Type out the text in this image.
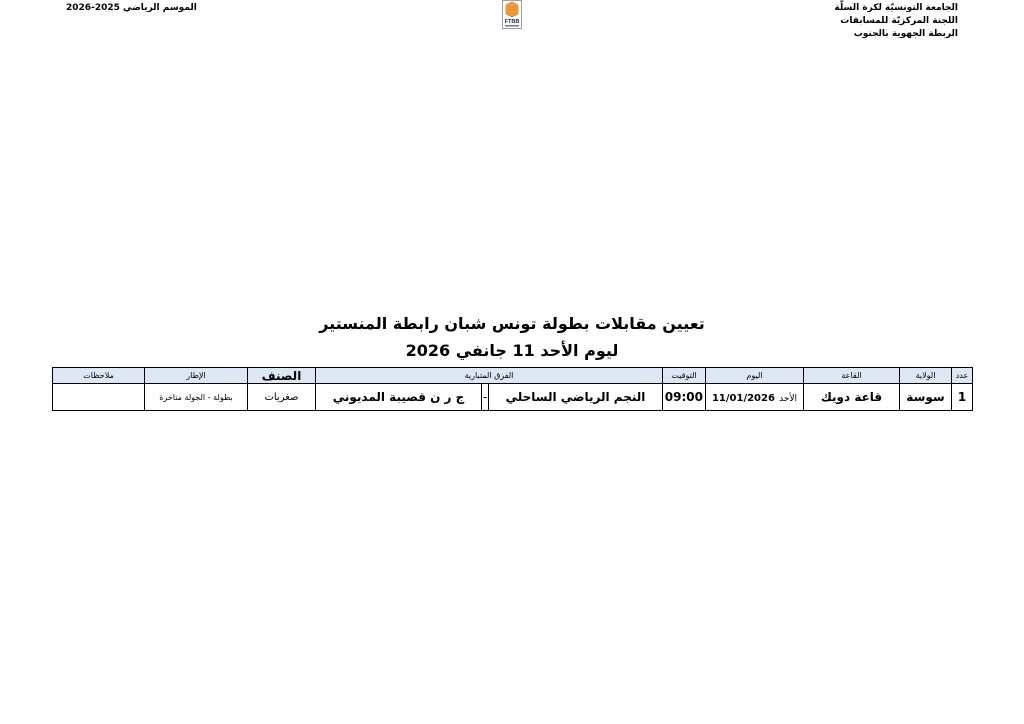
الجامعة التونسيّة لكرة السلّة
اللجنة المركزيّة للمسابقات
الربطة الجهوية بالجنوب
FTBB
الموسم الرياضي 2025-2026
تعيين مقابلات بطولة تونس شبان رابطة المنستير
ليوم الأحد 11 جانفي 2026
عدد	الولاية	القاعة	اليوم	التوقيت	الفرق المتبارية			الصنف	الإطار	ملاحظات
1	سوسة	قاعة دويك	الأحد 11/01/2026	09:00	النجم الرياضي الساحلي	-	ج ر ن قصيبة المديوني	صغريات	بطولة - الجولة متاخرة	
